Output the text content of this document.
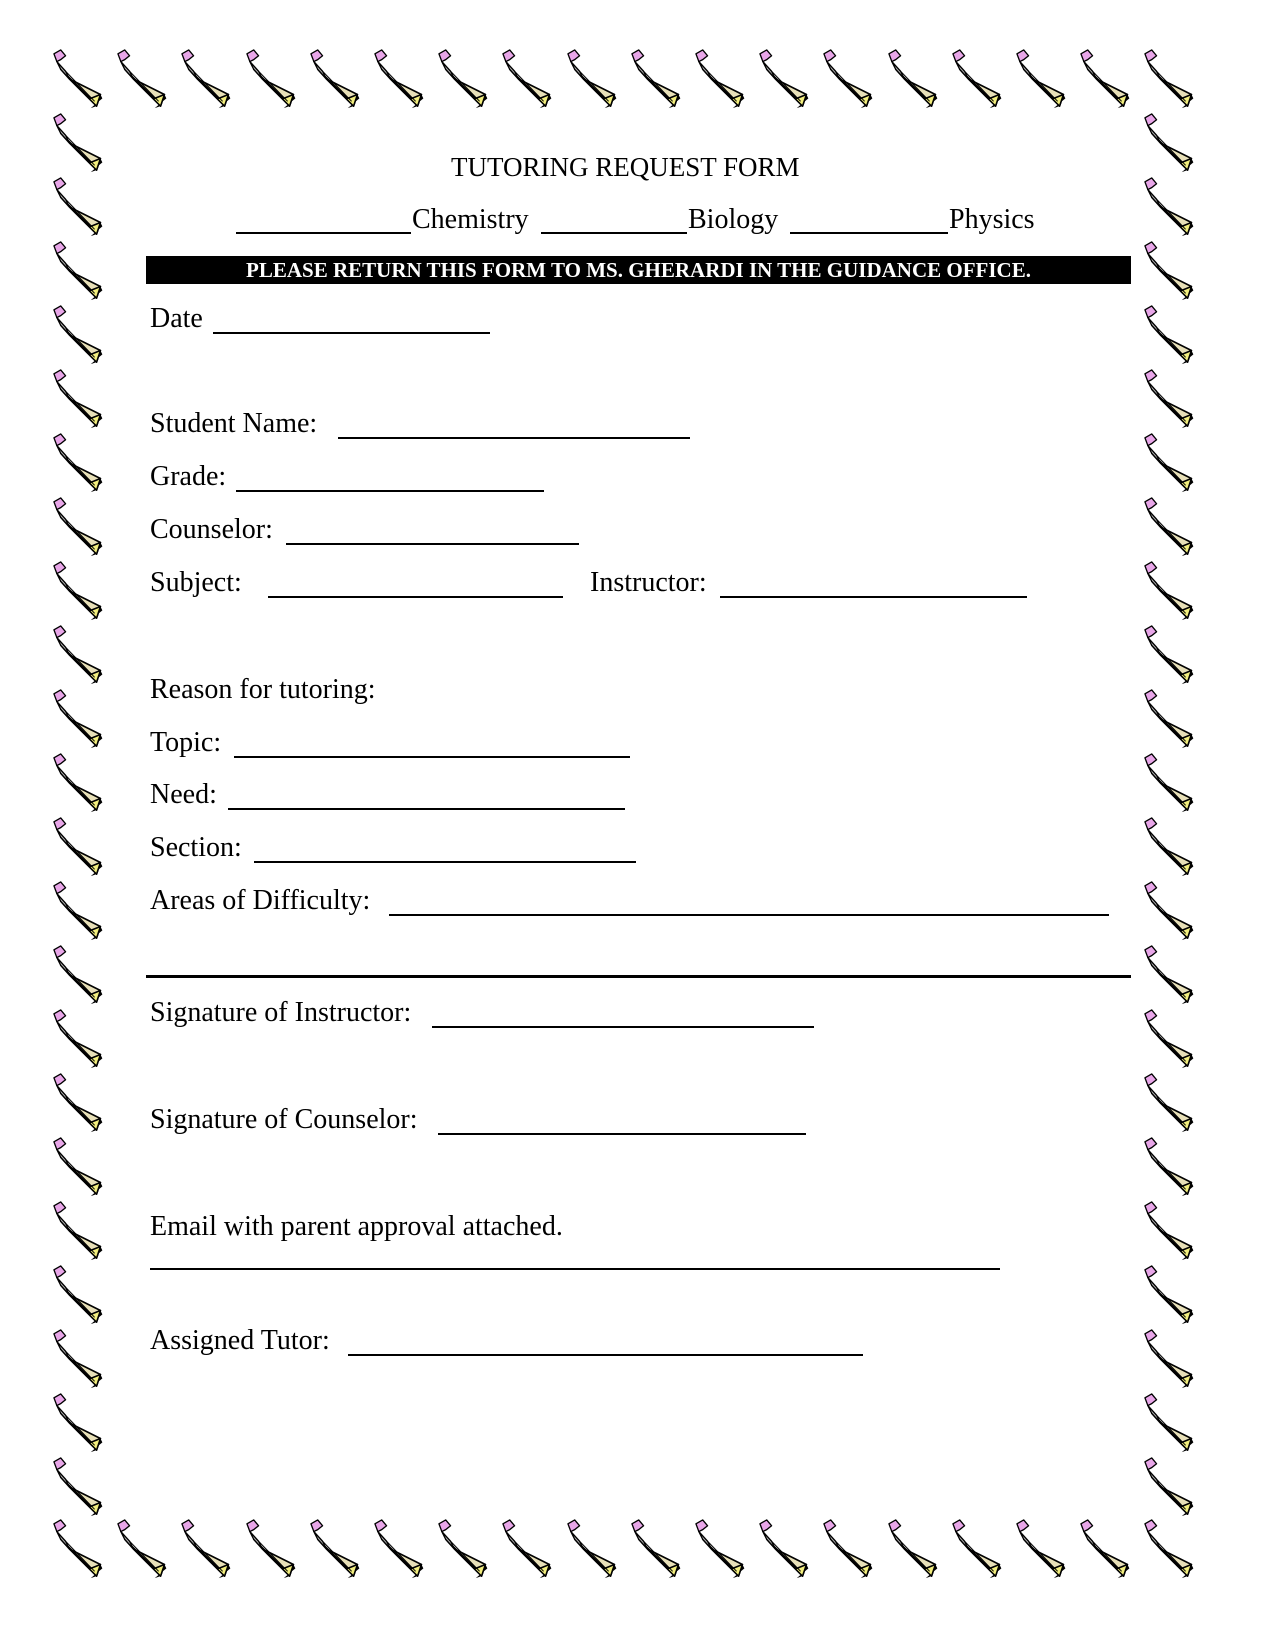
TUTORING REQUEST FORM
Chemistry	Biology	Physics
PLEASE RETURN THIS FORM TO MS. GHERARDI IN THE GUIDANCE OFFICE.
Date
Student Name:
Grade:
Counselor:
Subject:	Instructor:
Reason for tutoring:
Topic:
Need:
Section:
Areas of Difficulty:
Signature of Instructor:
Signature of Counselor:
Email with parent approval attached.
Assigned Tutor:
